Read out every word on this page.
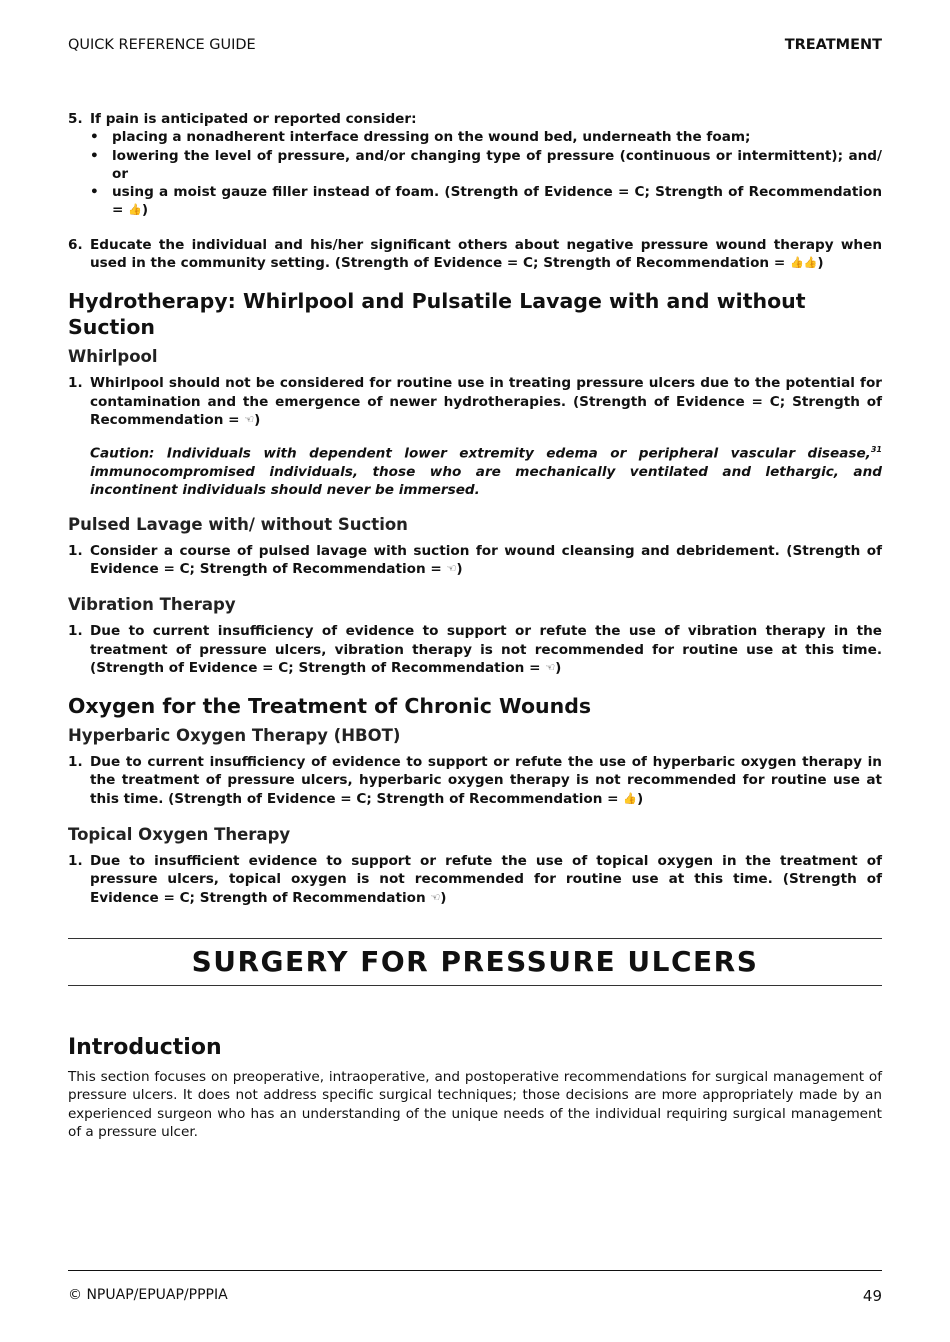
QUICK REFERENCE GUIDE	TREATMENT
5. If pain is anticipated or reported consider:
• placing a nonadherent interface dressing on the wound bed, underneath the foam;
• lowering the level of pressure, and/or changing type of pressure (continuous or intermittent); and/ or
• using a moist gauze filler instead of foam. (Strength of Evidence = C; Strength of Recommendation = 👍)
6. Educate the individual and his/her significant others about negative pressure wound therapy when used in the community setting. (Strength of Evidence = C; Strength of Recommendation = 👍👍)
Hydrotherapy: Whirlpool and Pulsatile Lavage with and without Suction
Whirlpool
1. Whirlpool should not be considered for routine use in treating pressure ulcers due to the potential for contamination and the emergence of newer hydrotherapies. (Strength of Evidence = C; Strength of Recommendation = ☜)

Caution: Individuals with dependent lower extremity edema or peripheral vascular disease,$^{31}$ immunocompromised individuals, those who are mechanically ventilated and lethargic, and incontinent individuals should never be immersed.

Pulsed Lavage with/ without Suction
1. Consider a course of pulsed lavage with suction for wound cleansing and debridement. (Strength of Evidence = C; Strength of Recommendation = ☜)
Vibration Therapy
1. Due to current insufficiency of evidence to support or refute the use of vibration therapy in the treatment of pressure ulcers, vibration therapy is not recommended for routine use at this time. (Strength of Evidence = C; Strength of Recommendation = ☜)
Oxygen for the Treatment of Chronic Wounds
Hyperbaric Oxygen Therapy (HBOT)
1. Due to current insufficiency of evidence to support or refute the use of hyperbaric oxygen therapy in the treatment of pressure ulcers, hyperbaric oxygen therapy is not recommended for routine use at this time. (Strength of Evidence = C; Strength of Recommendation = 👍)
Topical Oxygen Therapy
1. Due to insufficient evidence to support or refute the use of topical oxygen in the treatment of pressure ulcers, topical oxygen is not recommended for routine use at this time. (Strength of Evidence = C; Strength of Recommendation ☜)
SURGERY FOR PRESSURE ULCERS
Introduction

This section focuses on preoperative, intraoperative, and postoperative recommendations for surgical management of pressure ulcers. It does not address specific surgical techniques; those decisions are more appropriately made by an experienced surgeon who has an understanding of the unique needs of the individual requiring surgical management of a pressure ulcer.

© NPUAP/EPUAP/PPPIA	49
